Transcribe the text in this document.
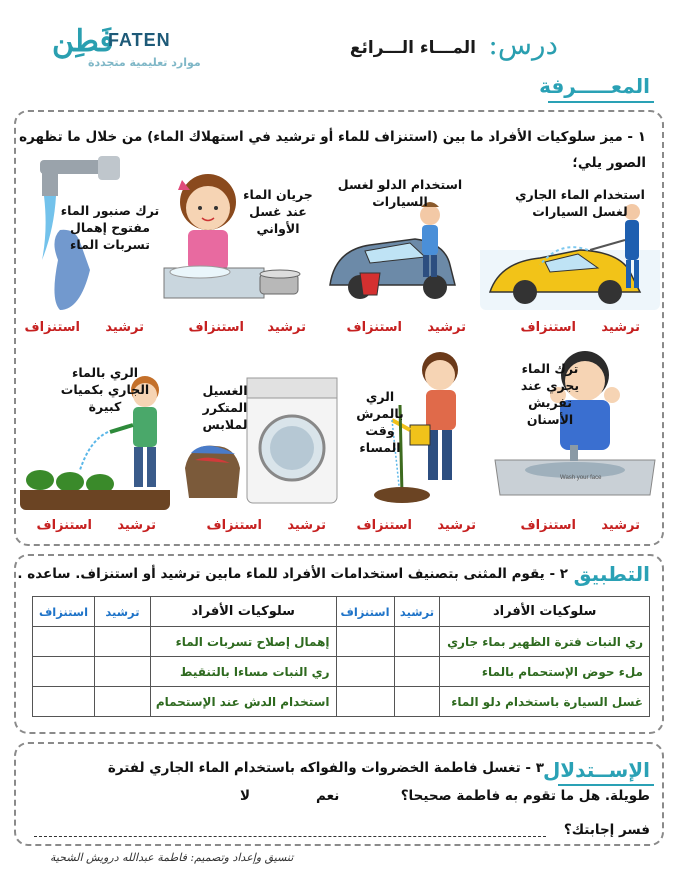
فَطِن
FATEN
موارد تعليمية متجددة
درس:
المـــاء الـــرائع
المعـــــرفة
١ - ميز سلوكيات الأفراد ما بين (استنزاف للماء أو ترشيد في استهلاك الماء) من خلال ما تظهره الصور يلي؛
استخدام الماء الجاري لغسل السيارات
استخدام الدلو لغسل السيارات
جريان الماء عند غسل الأواني
ترك صنبور الماء مفتوح إهمال تسربات الماء
ترشيد
استنزاف
ترشيد
استنزاف
ترشيد
استنزاف
ترشيد
استنزاف
ترك الماء يجري عند تفريش الأسنان
Wash your face
الري بالمرش وقت المساء
الغسيل المتكرر لملابس
الري بالماء الجاري بكميات كبيرة
ترشيد
استنزاف
ترشيد
استنزاف
ترشيد
استنزاف
ترشيد
استنزاف
التطبيق
٢ - يقوم المثنى بتصنيف استخدامات الأفراد للماء مابين ترشيد أو استنزاف. ساعده .
سلوكيات الأفراد	ترشيد	استنزاف	سلوكيات الأفراد	ترشيد	استنزاف
ري النبات فترة الظهير بماء جاري			إهمال إصلاح تسربات الماء		
ملء حوض الإستحمام بالماء			ري النبات مساءا بالتنقيط		
غسل السيارة باستخدام دلو الماء			استخدام الدش عند الإستحمام		
الإســتدلال
٣ - تغسل فاطمة الخضروات والفواكه باستخدام الماء الجاري لفترة
طويلة. هل ما تقوم به فاطمة صحيحا؟
نعم
لا
فسر إجابتك؟
تنسيق وإعداد وتصميم: فاطمة عبدالله درويش الشحية
